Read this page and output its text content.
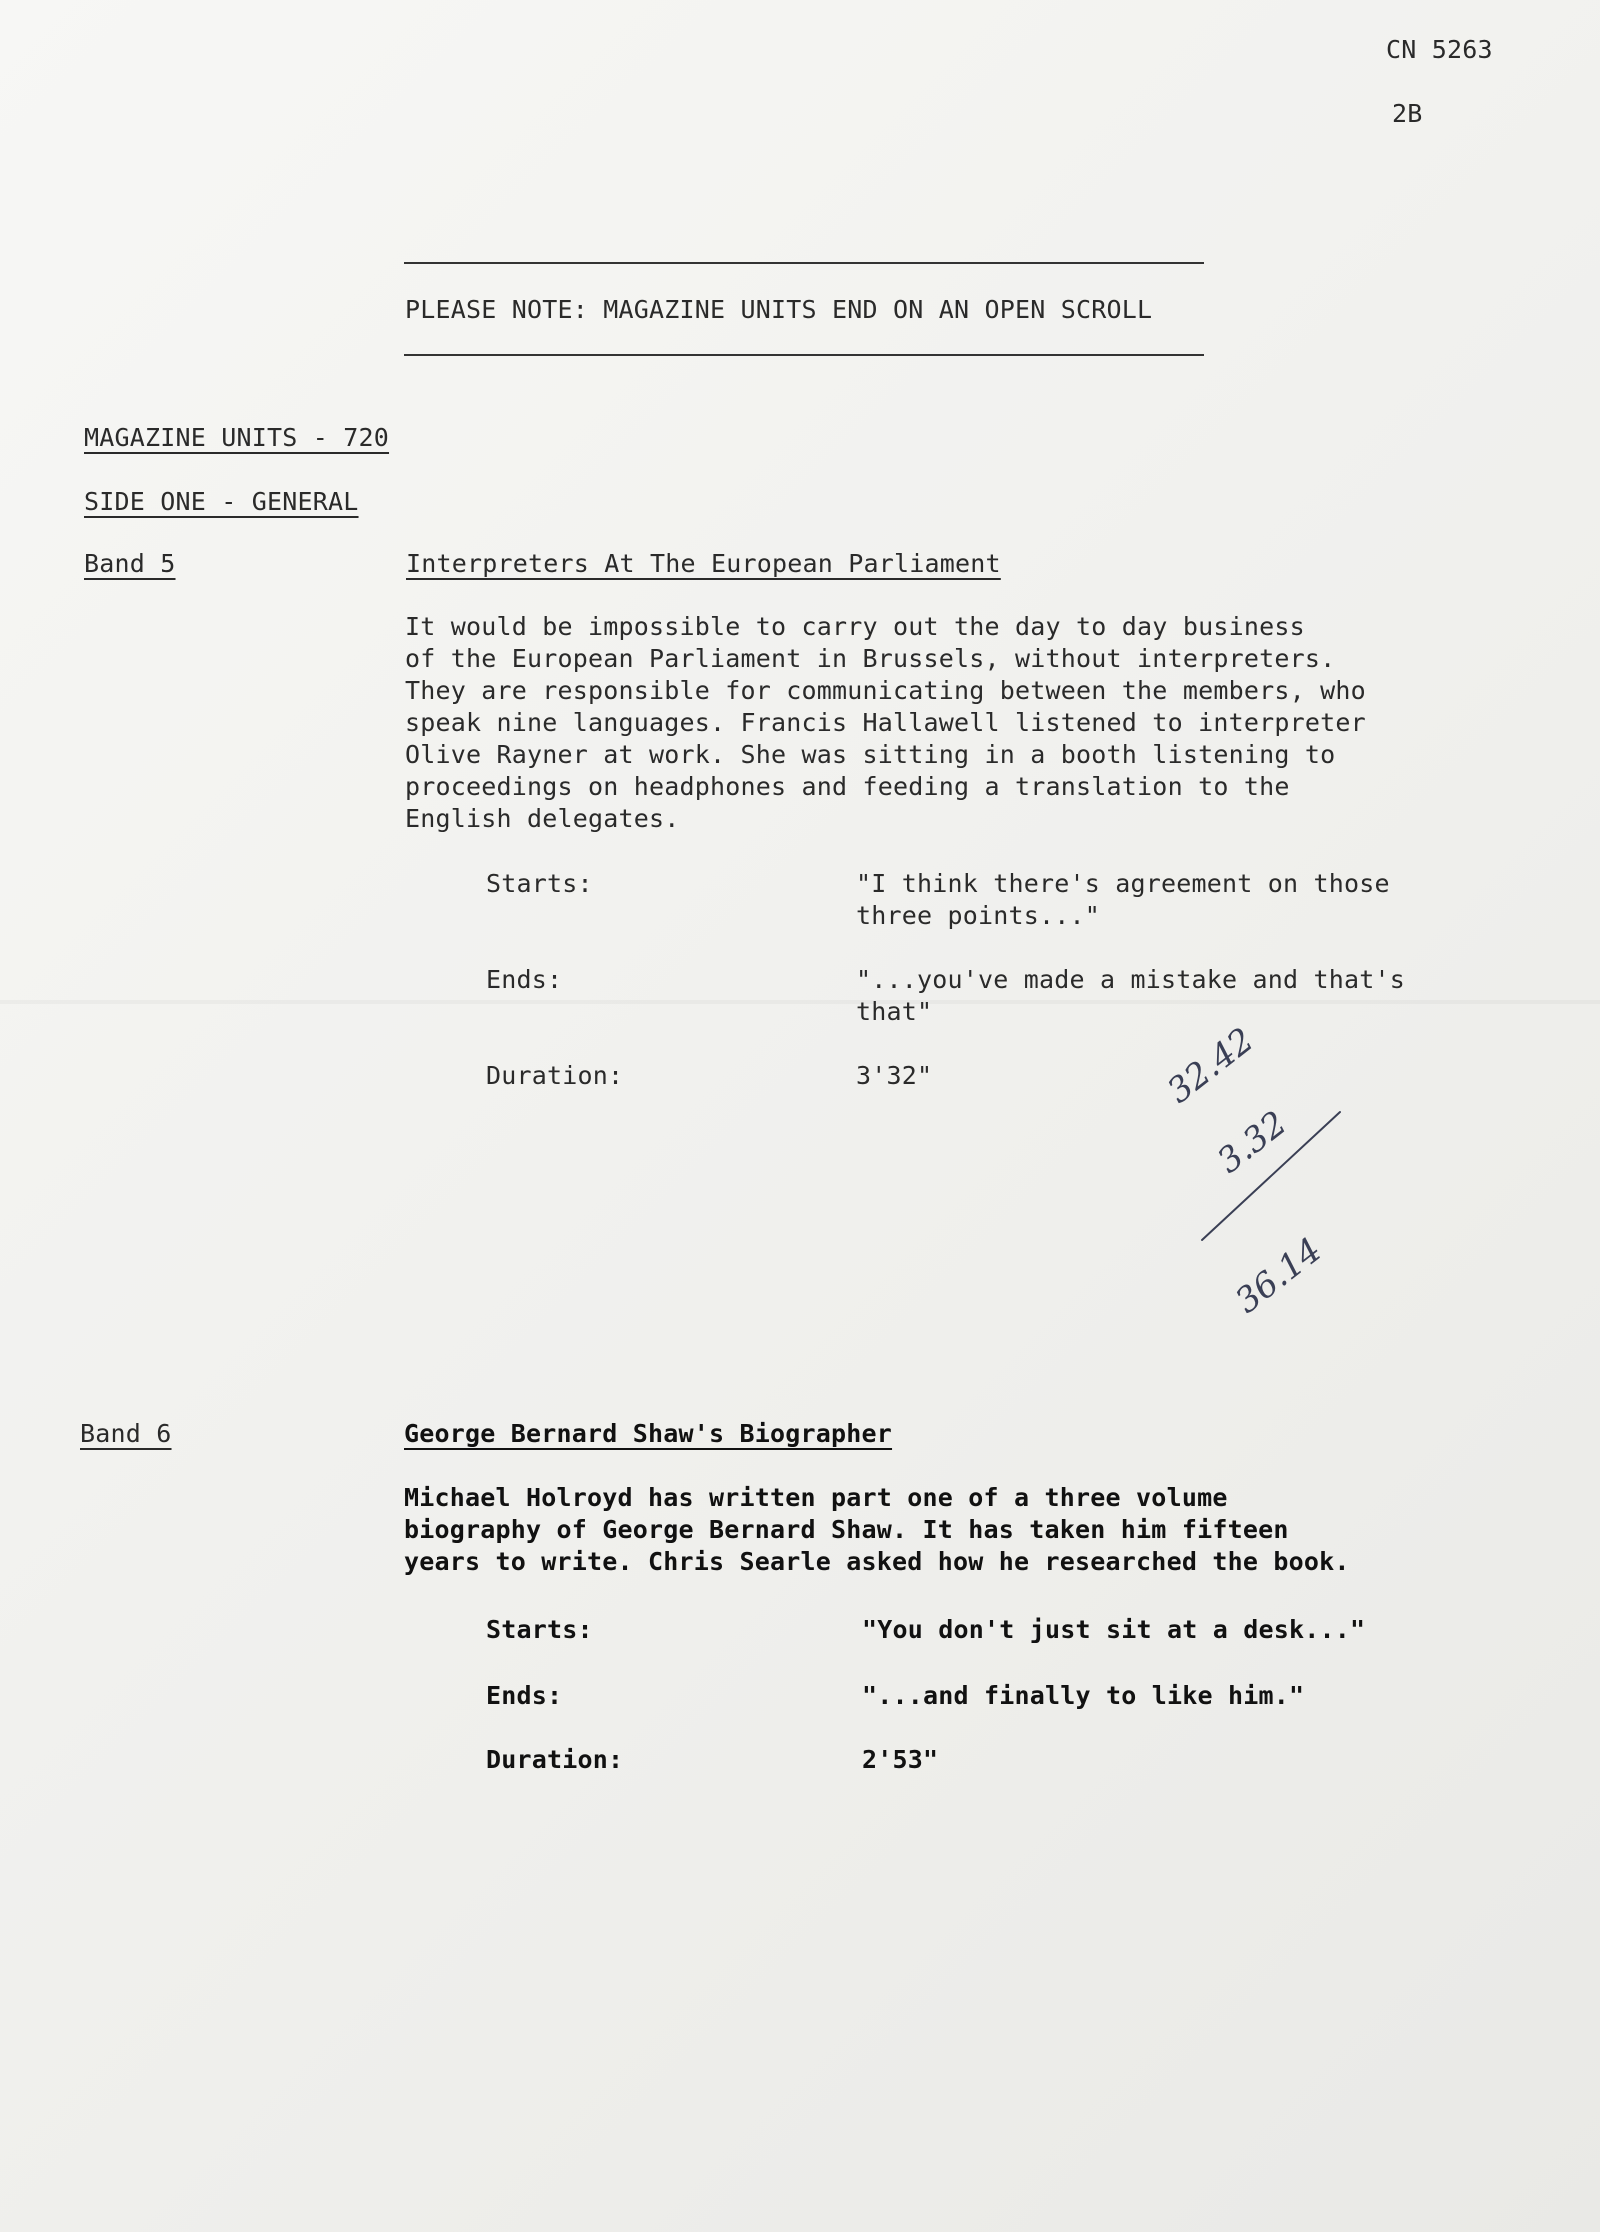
CN 5263
2B
PLEASE NOTE: MAGAZINE UNITS END ON AN OPEN SCROLL
MAGAZINE UNITS - 720
SIDE ONE - GENERAL
Band 5	Interpreters At The European Parliament
It would be impossible to carry out the day to day business
of the European Parliament in Brussels, without interpreters.
They are responsible for communicating between the members, who
speak nine languages. Francis Hallawell listened to interpreter
Olive Rayner at work. She was sitting in a booth listening to
proceedings on headphones and feeding a translation to the
English delegates.
Starts:	"I think there's agreement on those
three points..."
Ends:	"...you've made a mistake and that's
that"
Duration:	3'32"	32.42
3.32
36.14
Band 6	George Bernard Shaw's Biographer
Michael Holroyd has written part one of a three volume
biography of George Bernard Shaw. It has taken him fifteen
years to write. Chris Searle asked how he researched the book.
Starts:	"You don't just sit at a desk..."
Ends:	"...and finally to like him."
Duration:	2'53"
